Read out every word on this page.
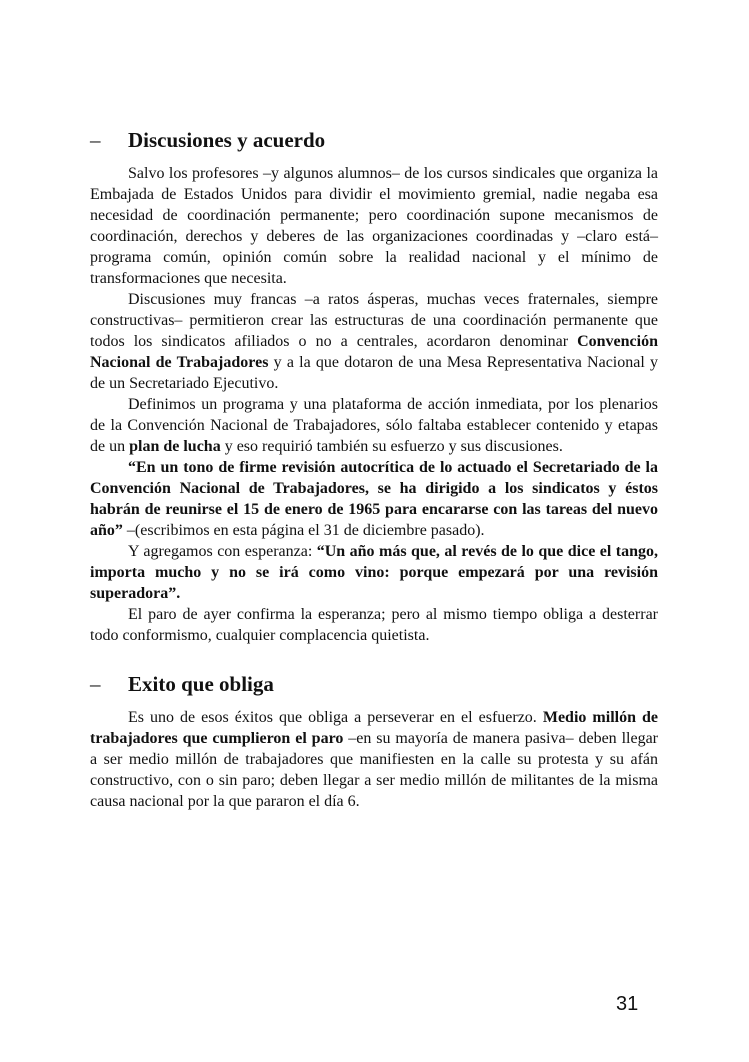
–	Discusiones y acuerdo

Salvo los profesores –y algunos alumnos– de los cursos sindicales que organiza la Embajada de Estados Unidos para dividir el movimiento gremial, nadie negaba esa necesidad de coordinación permanente; pero coordinación supone mecanismos de coordinación, derechos y deberes de las organizaciones coordinadas y –claro está– programa común, opinión común sobre la realidad nacional y el mínimo de transformaciones que necesita.

Discusiones muy francas –a ratos ásperas, muchas veces fraternales, siempre constructivas– permitieron crear las estructuras de una coordinación permanente que todos los sindicatos afiliados o no a centrales, acordaron denominar Convención Nacional de Trabajadores y a la que dotaron de una Mesa Representativa Nacional y de un Secretariado Ejecutivo.

Definimos un programa y una plataforma de acción inmediata, por los plenarios de la Convención Nacional de Trabajadores, sólo faltaba establecer contenido y etapas de un plan de lucha y eso requirió también su esfuerzo y sus discusiones.

“En un tono de firme revisión autocrítica de lo actuado el Secretariado de la Convención Nacional de Trabajadores, se ha dirigido a los sindicatos y éstos habrán de reunirse el 15 de enero de 1965 para encararse con las tareas del nuevo año” –(escribimos en esta página el 31 de diciembre pasado).

Y agregamos con esperanza: “Un año más que, al revés de lo que dice el tango, importa mucho y no se irá como vino: porque empezará por una revisión superadora”.

El paro de ayer confirma la esperanza; pero al mismo tiempo obliga a desterrar todo conformismo, cualquier complacencia quietista.

–	Exito que obliga

Es uno de esos éxitos que obliga a perseverar en el esfuerzo. Medio millón de trabajadores que cumplieron el paro –en su mayoría de manera pasiva– deben llegar a ser medio millón de trabajadores que manifiesten en la calle su protesta y su afán constructivo, con o sin paro; deben llegar a ser medio millón de militantes de la misma causa nacional por la que pararon el día 6.

31
